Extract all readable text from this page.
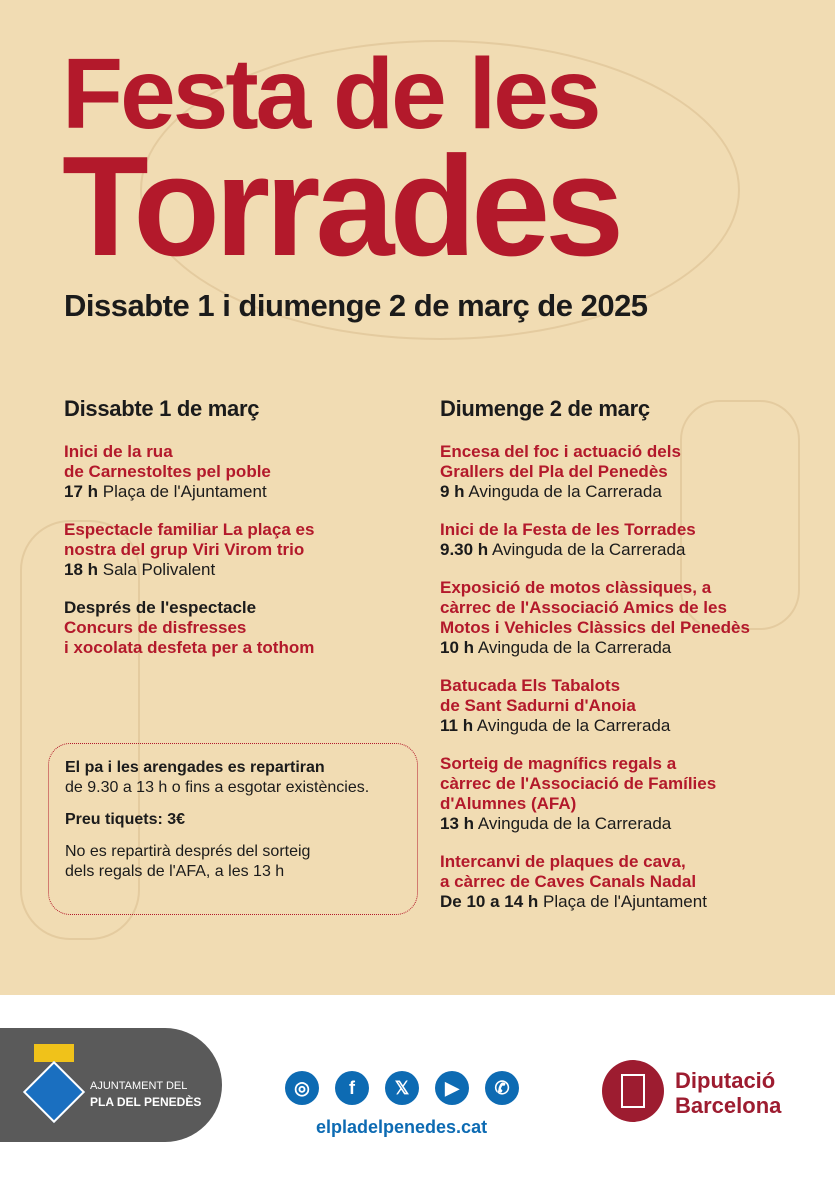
Festa de les
Torrades
Dissabte 1 i diumenge 2 de març de 2025
Dissabte 1 de març
Inici de la rua
de Carnestoltes pel poble
17 h Plaça de l'Ajuntament
Espectacle familiar La plaça es
nostra del grup Viri Virom trio
18 h Sala Polivalent
Després de l'espectacle
Concurs de disfresses
i xocolata desfeta per a tothom
Diumenge 2 de març
Encesa del foc i actuació dels
Grallers del Pla del Penedès
9 h Avinguda de la Carrerada
Inici de la Festa de les Torrades
9.30 h Avinguda de la Carrerada
Exposició de motos clàssiques, a
càrrec de l'Associació Amics de les
Motos i Vehicles Clàssics del Penedès
10 h Avinguda de la Carrerada
Batucada Els Tabalots
de Sant Sadurni d'Anoia
11 h Avinguda de la Carrerada
Sorteig de magnífics regals a
càrrec de l'Associació de Famílies
d'Alumnes (AFA)
13 h Avinguda de la Carrerada
Intercanvi de plaques de cava,
a càrrec de Caves Canals Nadal
De 10 a 14 h Plaça de l'Ajuntament

El pa i les arengades es repartiran
de 9.30 a 13 h o fins a esgotar existències.

Preu tiquets: 3€

No es repartirà després del sorteig
dels regals de l'AFA, a les 13 h

AJUNTAMENT DEL
PLA DEL PENEDÈS
◎	f	𝕏	▶	✆
elpladelpenedes.cat
Diputació
Barcelona
